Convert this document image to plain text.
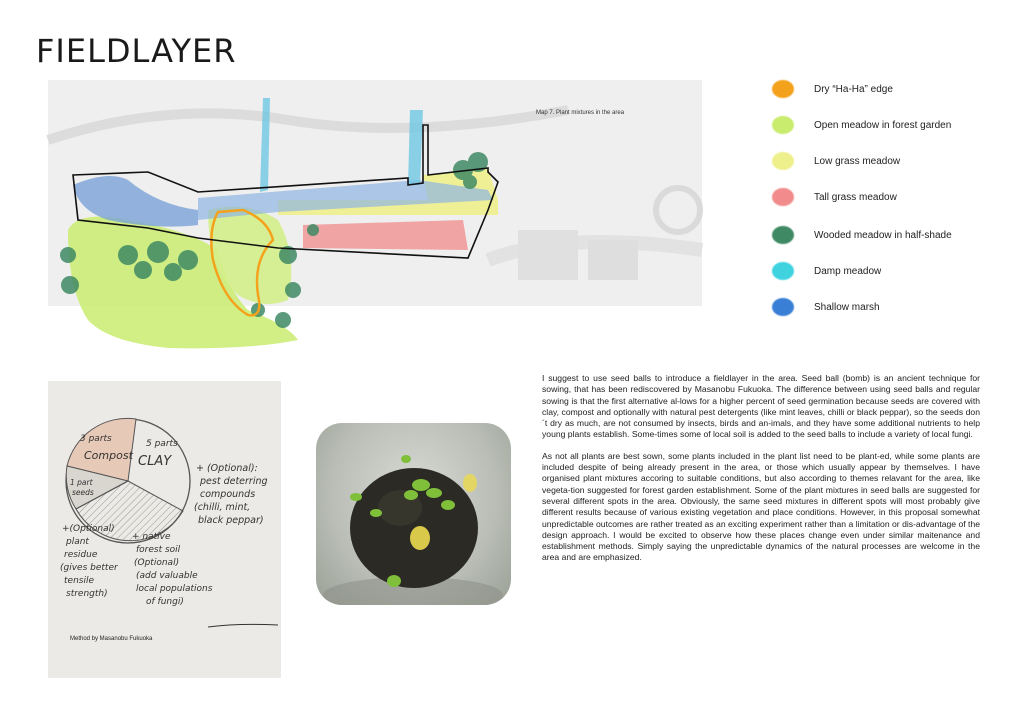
FIELDLAYER
Map 7. Plant mixtures in the area
Dry “Ha-Ha” edge
Open meadow in forest garden
Low grass meadow
Tall grass meadow
Wooded meadow in half-shade
Damp meadow
Shallow marsh
3 parts
Compost
5 parts
CLAY
1 part
seeds
+ (Optional):
pest deterring
compounds
(chilli, mint,
black peppar)
+(Optional)
plant
residue
(gives better
tensile
strength)
+ native
forest soil
(Optional)
(add valuable
local populations
of fungi)
Method by Masanobu Fukuoka

I suggest to use seed balls to introduce a fieldlayer in the area. Seed ball (bomb) is an ancient technique for sowing, that has been rediscovered by Masanobu Fukuoka. The difference between using seed balls and regular sowing is that the first alternative al-lows for a higher percent of seed germination because seeds are covered with clay, compost and optionally with natural pest detergents (like mint leaves, chilli or black peppar), so the seeds don´t dry as much, are not consumed by insects, birds and an-imals, and they have some additional nutrients to help young plants establish. Some-times some of local soil is added to the seed balls to include a variety of local fungi.

As not all plants are best sown, some plants included in the plant list need to be plant-ed, while some plants are included despite of being already present in the area, or those which usually appear by themselves. I have organised plant mixtures accoring to suitable conditions, but also according to themes relavant for the area, like vegeta-tion suggested for forest garden establishment. Some of the plant mixtures in seed balls are suggested for several different spots in the area. Obviously, the same seed mixtures in different spots will most probably give different results because of various existing vegetation and place conditions. However, in this proposal somewhat unpredictable outcomes are rather treated as an exciting experiment rather than a limitation or dis-advantage of the design approach. I would be excited to observe how these places change even under similar maitenance and establishment methods. Simply saying the unpredictable dynamics of the natural processes are welcome in the area and are emphasized.
